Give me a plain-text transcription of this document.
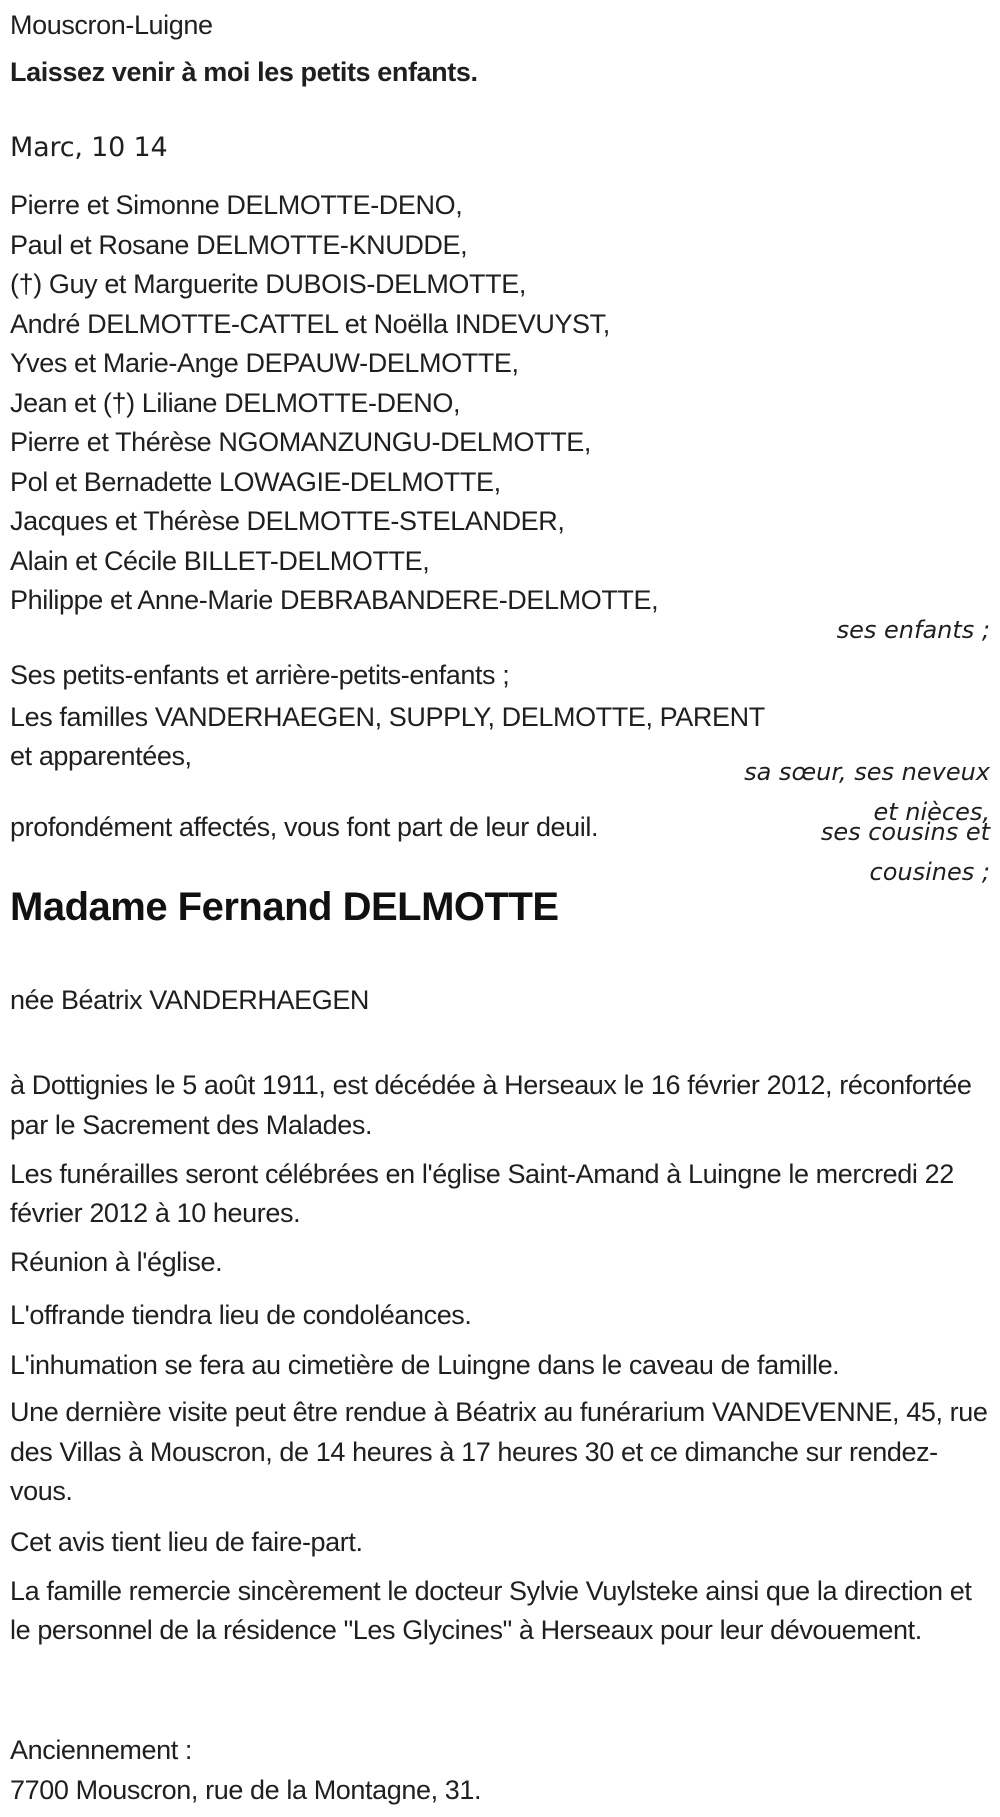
Mouscron-Luigne
Laissez venir à moi les petits enfants.
Marc, 10 14
Pierre et Simonne DELMOTTE-DENO,
Paul et Rosane DELMOTTE-KNUDDE,
(†) Guy et Marguerite DUBOIS-DELMOTTE,
André DELMOTTE-CATTEL et Noëlla INDEVUYST,
Yves et Marie-Ange DEPAUW-DELMOTTE,
Jean et (†) Liliane DELMOTTE-DENO,
Pierre et Thérèse NGOMANZUNGU-DELMOTTE,
Pol et Bernadette LOWAGIE-DELMOTTE,
Jacques et Thérèse DELMOTTE-STELANDER,
Alain et Cécile BILLET-DELMOTTE,
Philippe et Anne-Marie DEBRABANDERE-DELMOTTE,
ses enfants ;
Ses petits-enfants et arrière-petits-enfants ;
Les familles VANDERHAEGEN, SUPPLY, DELMOTTE, PARENT
et apparentées,
sa sœur, ses neveux
et nièces,
profondément affectés, vous font part de leur deuil.	ses cousins et
cousines ;
Madame Fernand DELMOTTE
née Béatrix VANDERHAEGEN
à Dottignies le 5 août 1911, est décédée à Herseaux le 16 février 2012, réconfortée par le Sacrement des Malades.
Les funérailles seront célébrées en l'église Saint-Amand à Luingne le mercredi 22 février 2012 à 10 heures.
Réunion à l'église.
L'offrande tiendra lieu de condoléances.
L'inhumation se fera au cimetière de Luingne dans le caveau de famille.
Une dernière visite peut être rendue à Béatrix au funérarium VANDEVENNE, 45, rue des Villas à Mouscron, de 14 heures à 17 heures 30 et ce dimanche sur rendez-vous.
Cet avis tient lieu de faire-part.
La famille remercie sincèrement le docteur Sylvie Vuylsteke ainsi que la direction et le personnel de la résidence "Les Glycines" à Herseaux pour leur dévouement.
Anciennement :
7700 Mouscron, rue de la Montagne, 31.
